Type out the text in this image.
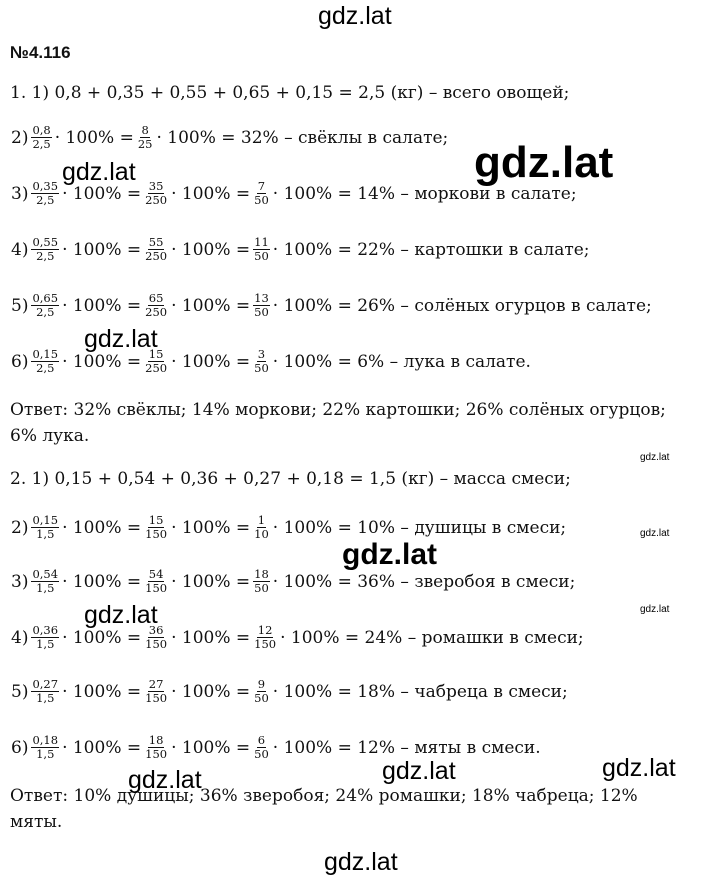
№4.116
1. 1) 0,8 + 0,35 + 0,55 + 0,65 + 0,15 = 2,5 (кг) – всего овощей;
$2) \frac{0,8}{2,5} \cdot 100\% = \frac{8}{25} \cdot 100\% = 32\%$ – свёклы в салате;
$3) \frac{0,35}{2,5} \cdot 100\% = \frac{35}{250} \cdot 100\% = \frac{7}{50} \cdot 100\% = 14\%$ – моркови в салате;
$4) \frac{0,55}{2,5} \cdot 100\% = \frac{55}{250} \cdot 100\% = \frac{11}{50} \cdot 100\% = 22\%$ – картошки в салате;
$5) \frac{0,65}{2,5} \cdot 100\% = \frac{65}{250} \cdot 100\% = \frac{13}{50} \cdot 100\% = 26\%$ – солёных огурцов в салате;
$6) \frac{0,15}{2,5} \cdot 100\% = \frac{15}{250} \cdot 100\% = \frac{3}{50} \cdot 100\% = 6\%$ – лука в салате.
Ответ: 32% свёклы; 14% моркови; 22% картошки; 26% солёных огурцов;
6% лука.
2. 1) 0,15 + 0,54 + 0,36 + 0,27 + 0,18 = 1,5 (кг) – масса смеси;
$2) \frac{0,15}{1,5} \cdot 100\% = \frac{15}{150} \cdot 100\% = \frac{1}{10} \cdot 100\% = 10\%$ – душицы в смеси;
$3) \frac{0,54}{1,5} \cdot 100\% = \frac{54}{150} \cdot 100\% = \frac{18}{50} \cdot 100\% = 36\%$ – зверобоя в смеси;
$4) \frac{0,36}{1,5} \cdot 100\% = \frac{36}{150} \cdot 100\% = \frac{12}{150} \cdot 100\% = 24\%$ – ромашки в смеси;
$5) \frac{0,27}{1,5} \cdot 100\% = \frac{27}{150} \cdot 100\% = \frac{9}{50} \cdot 100\% = 18\%$ – чабреца в смеси;
$6) \frac{0,18}{1,5} \cdot 100\% = \frac{18}{150} \cdot 100\% = \frac{6}{50} \cdot 100\% = 12\%$ – мяты в смеси.
Ответ: 10% душицы; 36% зверобоя; 24% ромашки; 18% чабреца; 12%
мяты.
gdz.lat
gdz.lat
gdz.lat
gdz.lat
gdz.lat
gdz.lat
gdz.lat
gdz.lat
gdz.lat
gdz.lat	gdz.lat	gdz.lat
gdz.lat
